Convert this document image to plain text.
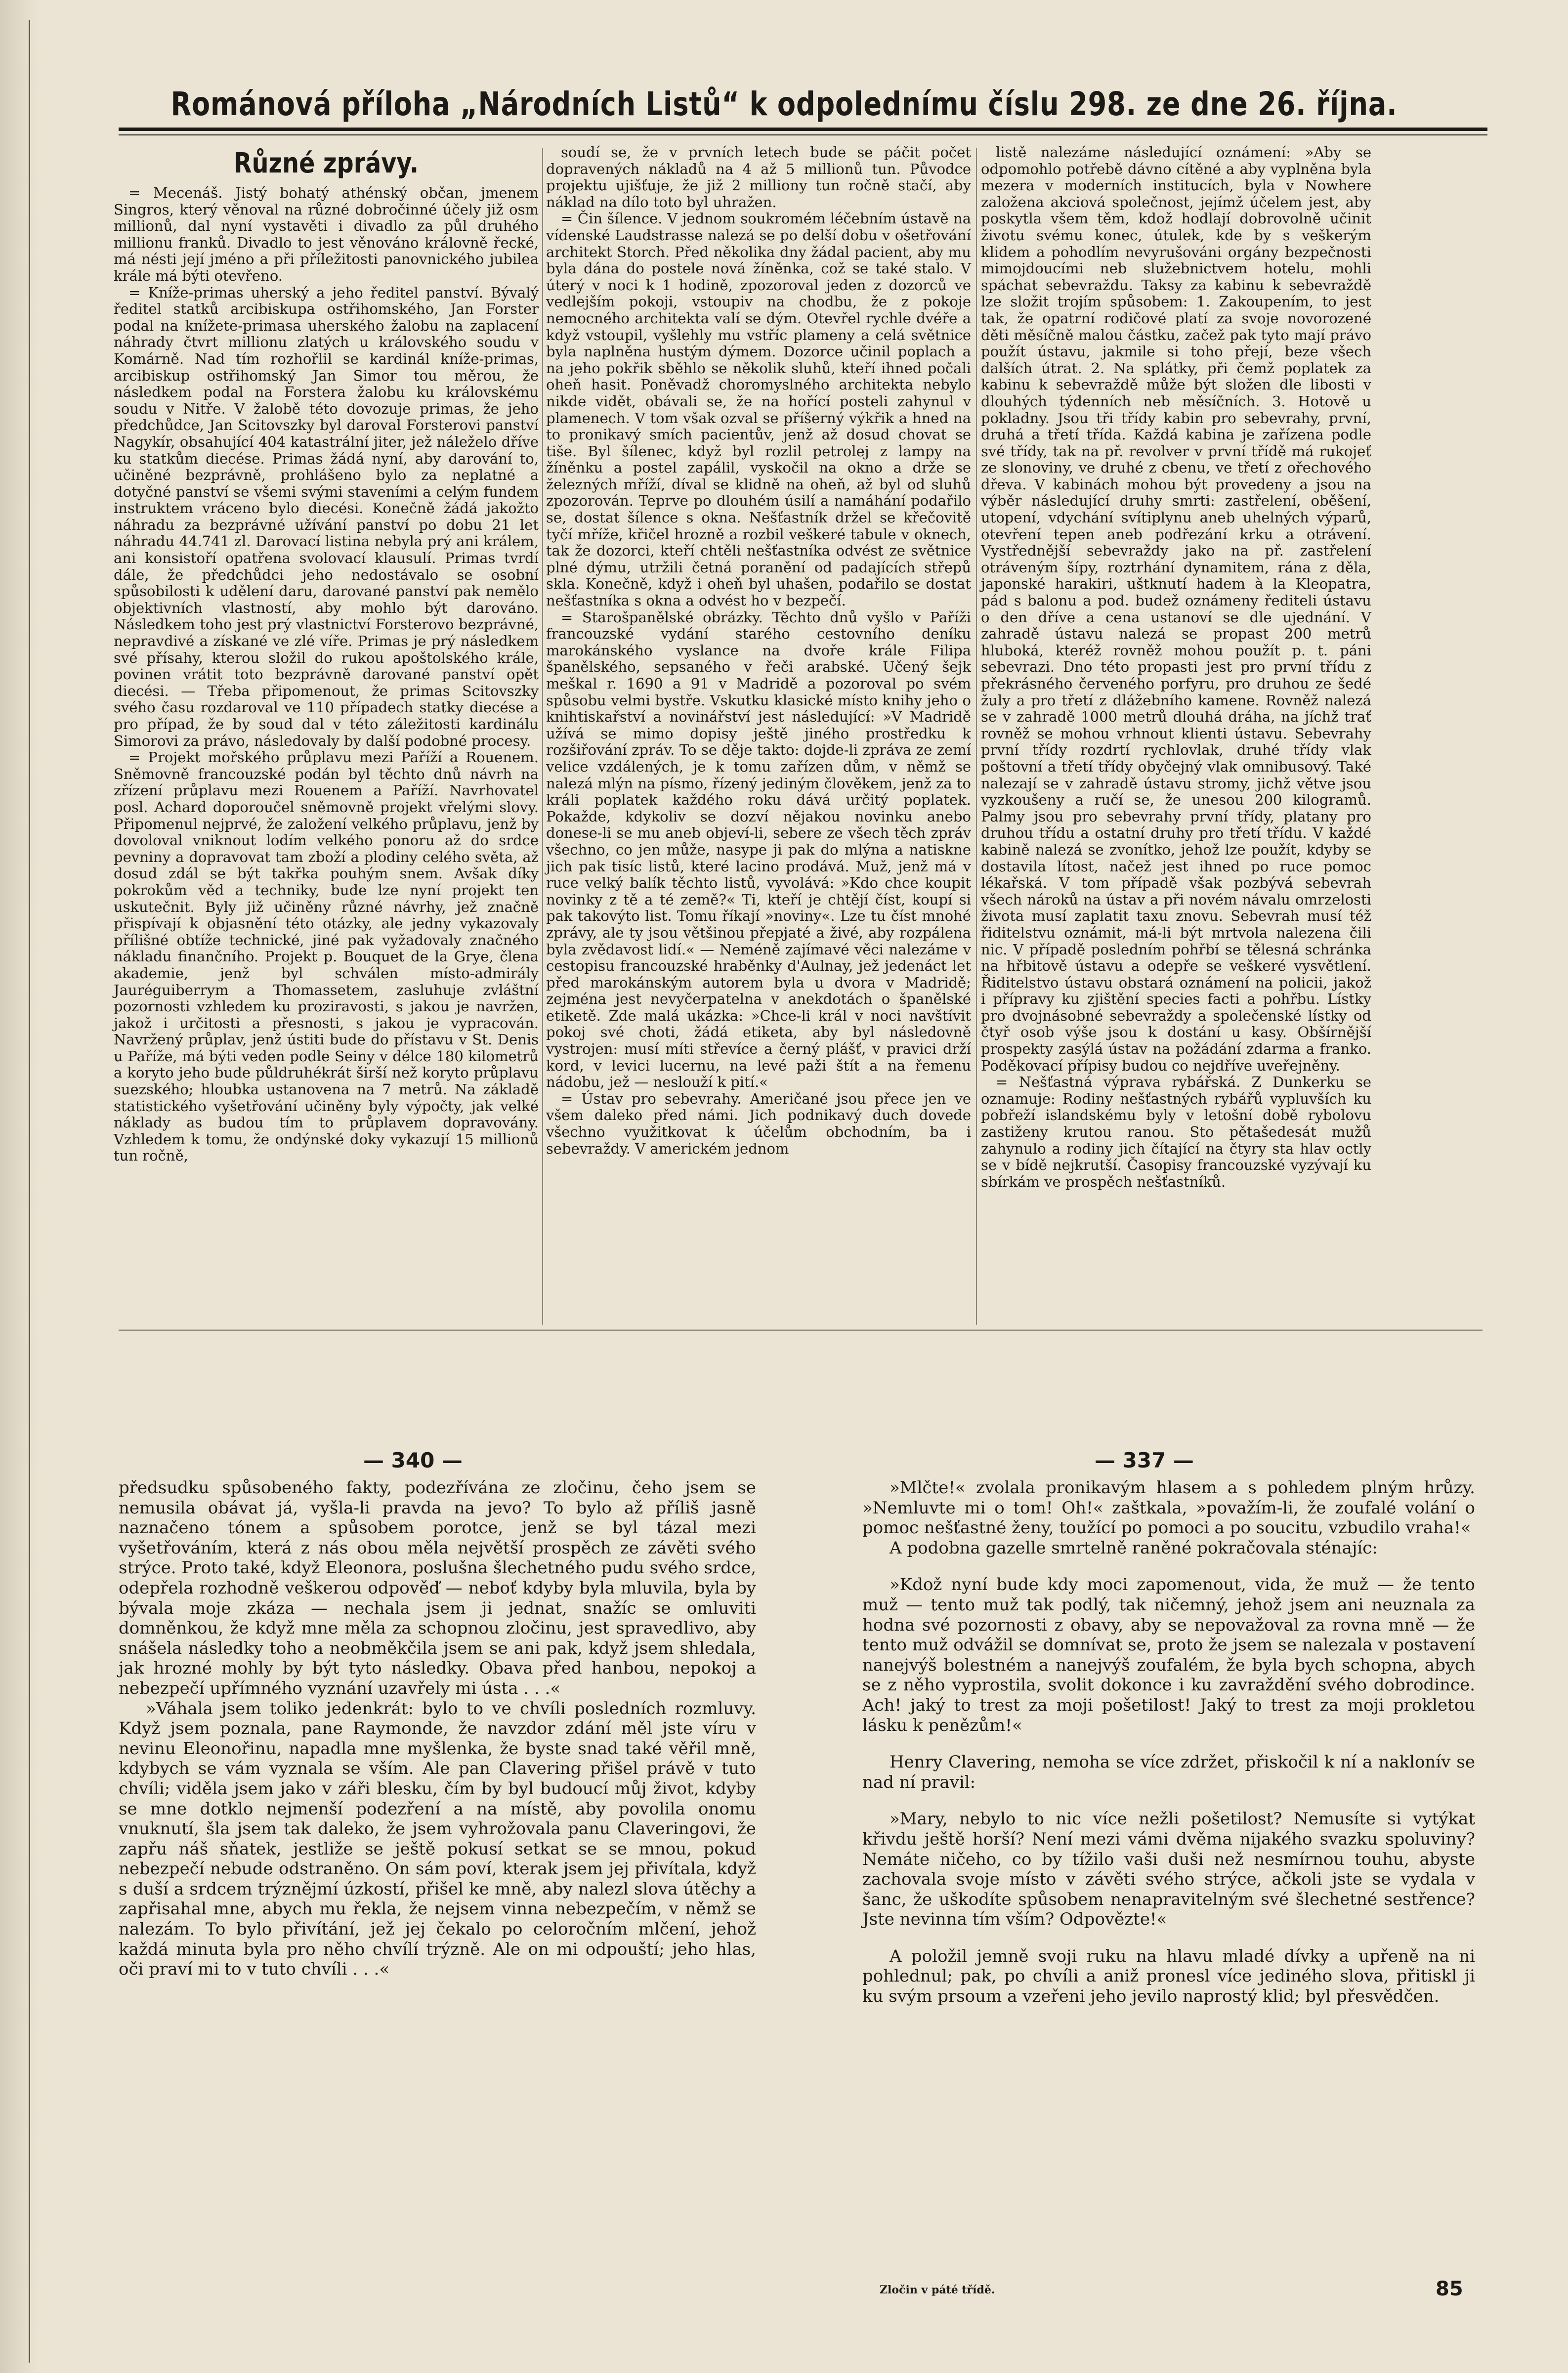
Románová příloha „Národních Listů“ k odpolednímu číslu 298. ze dne 26. října.
Různé zprávy.

= Mecenáš. Jistý bohatý athénský občan, jmenem Singros, který věnoval na různé dobročinné účely již osm millionů, dal nyní vystavěti i divadlo za půl druhého millionu franků. Divadlo to jest věnováno královně řecké, má nésti její jméno a při příležitosti panovnického jubilea krále má býti otevřeno.

= Kníže-primas uherský a jeho ředitel panství. Bývalý ředitel statků arcibiskupa ostřihomského, Jan Forster podal na knížete-primasa uherského žalobu na zaplacení náhrady čtvrt millionu zlatých u královského soudu v Komárně. Nad tím rozhořlil se kardinál kníže-primas, arcibiskup ostřihomský Jan Simor tou měrou, že následkem podal na Forstera žalobu ku královskému soudu v Nitře. V žalobě této dovozuje primas, že jeho předchůdce, Jan Scitovszky byl daroval Forsterovi panství Nagykír, obsahující 404 katastrální jiter, jež náleželo dříve ku statkům diecése. Primas žádá nyní, aby darování to, učiněné bezprávně, prohlášeno bylo za neplatné a dotyčné panství se všemi svými staveními a celým fundem instruktem vráceno bylo diecési. Konečně žádá jakožto náhradu za bezprávné užívání panství po dobu 21 let náhradu 44.741 zl. Darovací listina nebyla prý ani králem, ani konsistoří opatřena svolovací klausulí. Primas tvrdí dále, že předchůdci jeho nedostávalo se osobní spůsobilosti k udělení daru, darované panství pak nemělo objektivních vlastností, aby mohlo být darováno. Následkem toho jest prý vlastnictví Forsterovo bezprávné, nepravdivé a získané ve zlé víře. Primas je prý následkem své přísahy, kterou složil do rukou apoštolského krále, povinen vrátit toto bezprávně darované panství opět diecési. — Třeba připomenout, že primas Scitovszky svého času rozdaroval ve 110 případech statky diecése a pro případ, že by soud dal v této záležitosti kardinálu Simorovi za právo, následovaly by další podobné procesy.

= Projekt mořského průplavu mezi Paříží a Rouenem. Sněmovně francouzské podán byl těchto dnů návrh na zřízení průplavu mezi Rouenem a Paříží. Navrhovatel posl. Achard doporoučel sněmovně projekt vřelými slovy. Připomenul nejprvé, že založení velkého průplavu, jenž by dovoloval vniknout lodím velkého ponoru až do srdce pevniny a dopravovat tam zboží a plodiny celého světa, až dosud zdál se být takřka pouhým snem. Avšak díky pokrokům věd a techniky, bude lze nyní projekt ten uskutečnit. Byly již učiněny různé návrhy, jež značně přispívají k objasnění této otázky, ale jedny vykazovaly přílišné obtíže technické, jiné pak vyžadovaly značného nákladu finančního. Projekt p. Bouquet de la Grye, člena akademie, jenž byl schválen místo-admirály Jauréguiberrym a Thomassetem, zasluhuje zvláštní pozornosti vzhledem ku proziravosti, s jakou je navržen, jakož i určitosti a přesnosti, s jakou je vypracován. Navržený průplav, jenž ústiti bude do přístavu v St. Denis u Paříže, má býti veden podle Seiny v délce 180 kilometrů a koryto jeho bude půldruhékrát širší než koryto průplavu suezského; hloubka ustanovena na 7 metrů. Na základě statistického vyšetřování učiněny byly výpočty, jak velké náklady as budou tím to průplavem dopravovány. Vzhledem k tomu, že ondýnské doky vykazují 15 millionů tun ročně,

soudí se, že v prvních letech bude se páčit počet dopravených nákladů na 4 až 5 millionů tun. Původce projektu ujišťuje, že již 2 milliony tun ročně stačí, aby náklad na dílo toto byl uhražen.

= Čin šílence. V jednom soukromém léčebním ústavě na vídenské Laudstrasse nalezá se po delší dobu v ošetřování architekt Storch. Před několika dny žádal pacient, aby mu byla dána do postele nová žíněnka, což se také stalo. V úterý v noci k 1 hodině, zpozoroval jeden z dozorců ve vedlejším pokoji, vstoupiv na chodbu, že z pokoje nemocného architekta valí se dým. Otevřel rychle dvéře a když vstoupil, vyšlehly mu vstříc plameny a celá světnice byla naplněna hustým dýmem. Dozorce učinil poplach a na jeho pokřik sběhlo se několik sluhů, kteří ihned počali oheň hasit. Poněvadž choromyslného architekta nebylo nikde vidět, obávali se, že na hořící posteli zahynul v plamenech. V tom však ozval se příšerný výkřik a hned na to pronikavý smích pacientův, jenž až dosud chovat se tiše. Byl šílenec, když byl rozlil petrolej z lampy na žíněnku a postel zapálil, vyskočil na okno a drže se železných mříží, díval se klidně na oheň, až byl od sluhů zpozorován. Teprve po dlouhém úsilí a namáhání podařilo se, dostat šílence s okna. Nešťastník držel se křečovitě tyčí mříže, křičel hrozně a rozbil veškeré tabule v oknech, tak že dozorci, kteří chtěli nešťastníka odvést ze světnice plné dýmu, utržili četná poranění od padajících střepů skla. Konečně, když i oheň byl uhašen, podařilo se dostat nešťastníka s okna a odvést ho v bezpečí.

= Starošpanělské obrázky. Těchto dnů vyšlo v Paříži francouzské vydání starého cestovního deníku marokánského vyslance na dvoře krále Filipa španělského, sepsaného v řeči arabské. Učený šejk meškal r. 1690 a 91 v Madridě a pozoroval po svém spůsobu velmi bystře. Vskutku klasické místo knihy jeho o knihtiskařství a novinářství jest následující: »V Madridě užívá se mimo dopisy ještě jiného prostředku k rozšiřování zpráv. To se děje takto: dojde-li zpráva ze zemí velice vzdálených, je k tomu zařízen dům, v němž se nalezá mlýn na písmo, řízený jediným člověkem, jenž za to králi poplatek každého roku dává určitý poplatek. Pokažde, kdykoliv se dozví nějakou novinku anebo donese-li se mu aneb objeví-li, sebere ze všech těch zpráv všechno, co jen může, nasype ji pak do mlýna a natiskne jich pak tisíc listů, které lacino prodává. Muž, jenž má v ruce velký balík těchto listů, vyvolává: »Kdo chce koupit novinky z tě a té země?« Ti, kteří je chtějí číst, koupí si pak takovýto list. Tomu říkají »noviny«. Lze tu číst mnohé zprávy, ale ty jsou většinou přepjaté a živé, aby rozpálena byla zvědavost lidí.« — Neméně zajímavé věci nalezáme v cestopisu francouzské hraběnky d'Aulnay, jež jedenáct let před marokánským autorem byla u dvora v Madridě; zejména jest nevyčerpatelna v anekdotách o španělské etiketě. Zde malá ukázka: »Chce-li král v noci navštívit pokoj své choti, žádá etiketa, aby byl následovně vystrojen: musí míti střevíce a černý plášť, v pravici drží kord, v levici lucernu, na levé paži štít a na řemenu nádobu, jež — neslouží k pití.«

= Ústav pro sebevrahy. Američané jsou přece jen ve všem daleko před námi. Jich podnikavý duch dovede všechno využitkovat k účelům obchodním, ba i sebevraždy. V americkém jednom

listě nalezáme následující oznámení: »Aby se odpomohlo potřebě dávno cítěné a aby vyplněna byla mezera v moderních institucích, byla v Nowhere založena akciová společnost, jejímž účelem jest, aby poskytla všem těm, kdož hodlají dobrovolně učinit životu svému konec, útulek, kde by s veškerým klidem a pohodlím nevyrušováni orgány bezpečnosti mimojdoucími neb služebnictvem hotelu, mohli spáchat sebevraždu. Taksy za kabinu k sebevraždě lze složit trojím spůsobem: 1. Zakoupením, to jest tak, že opatrní rodičové platí za svoje novorozené děti měsíčně malou částku, začež pak tyto mají právo použít ústavu, jakmile si toho přejí, beze všech dalších útrat. 2. Na splátky, při čemž poplatek za kabinu k sebevraždě může být složen dle libosti v dlouhých týdenních neb měsíčních. 3. Hotově u pokladny. Jsou tři třídy kabin pro sebevrahy, první, druhá a třetí třída. Každá kabina je zařízena podle své třídy, tak na př. revolver v první třídě má rukojeť ze slonoviny, ve druhé z cbenu, ve třetí z ořechového dřeva. V kabinách mohou být provedeny a jsou na výběr následující druhy smrti: zastřelení, oběšení, utopení, vdychání svítiplynu aneb uhelných výparů, otevření tepen aneb podřezání krku a otrávení. Vystřednější sebevraždy jako na př. zastřelení otráveným šípy, roztrhání dynamitem, rána z děla, japonské harakiri, uštknutí hadem à la Kleopatra, pád s balonu a pod. budež oznámeny řediteli ústavu o den dříve a cena ustanoví se dle ujednání. V zahradě ústavu nalezá se propast 200 metrů hluboká, kteréž rovněž mohou použít p. t. páni sebevrazi. Dno této propasti jest pro první třídu z překrásného červeného porfyru, pro druhou ze šedé žuly a pro třetí z dlážebního kamene. Rovněž nalezá se v zahradě 1000 metrů dlouhá dráha, na jíchž trať rovněž se mohou vrhnout klienti ústavu. Sebevrahy první třídy rozdrtí rychlovlak, druhé třídy vlak poštovní a třetí třídy obyčejný vlak omnibusový. Také nalezají se v zahradě ústavu stromy, jichž větve jsou vyzkoušeny a ručí se, že unesou 200 kilogramů. Palmy jsou pro sebevrahy první třídy, platany pro druhou třídu a ostatní druhy pro třetí třídu. V každé kabině nalezá se zvonítko, jehož lze použít, kdyby se dostavila lítost, načež jest ihned po ruce pomoc lékařská. V tom případě však pozbývá sebevrah všech nároků na ústav a při novém návalu omrzelosti života musí zaplatit taxu znovu. Sebevrah musí též řiditelstvu oznámit, má-li být mrtvola nalezena čili nic. V případě posledním pohřbí se tělesná schránka na hřbitově ústavu a odepře se veškeré vysvětlení. Řiditelstvo ústavu obstará oznámení na policii, jakož i přípravy ku zjištění species facti a pohřbu. Lístky pro dvojnásobné sebevraždy a společenské lístky od čtyř osob výše jsou k dostání u kasy. Obšírnější prospekty zasýlá ústav na požádání zdarma a franko. Poděkovací přípisy budou co nejdříve uveřejněny.

= Nešťastná výprava rybářská. Z Dunkerku se oznamuje: Rodiny nešťastných rybářů vypluvších ku pobřeží islandskému byly v letošní době rybolovu zastiženy krutou ranou. Sto pětašedesát mužů zahynulo a rodiny jich čítající na čtyry sta hlav octly se v bídě nejkrutší. Časopisy francouzské vyzývají ku sbírkám ve prospěch nešťastníků.

— 340 —	— 337 —

předsudku spůsobeného fakty, podezřívána ze zločinu, čeho jsem se nemusila obávat já, vyšla-li pravda na jevo? To bylo až příliš jasně naznačeno tónem a spůsobem porotce, jenž se byl tázal mezi vyšetřováním, která z nás obou měla největší prospěch ze závěti svého strýce. Proto také, když Eleonora, poslušna šlechetného pudu svého srdce, odepřela rozhodně veškerou odpověď — neboť kdyby byla mluvila, byla by bývala moje zkáza — nechala jsem ji jednat, snažíc se omluviti domněnkou, že když mne měla za schopnou zločinu, jest spravedlivo, aby snášela následky toho a neobměkčila jsem se ani pak, když jsem shledala, jak hrozné mohly by být tyto následky. Obava před hanbou, nepokoj a nebezpečí upřímného vyznání uzavřely mi ústa . . .«

»Váhala jsem toliko jedenkrát: bylo to ve chvíli posledních rozmluvy. Když jsem poznala, pane Raymonde, že navzdor zdání měl jste víru v nevinu Eleonořinu, napadla mne myšlenka, že byste snad také věřil mně, kdybych se vám vyznala se vším. Ale pan Clavering přišel právě v tuto chvíli; viděla jsem jako v záři blesku, čím by byl budoucí můj život, kdyby se mne dotklo nejmenší podezření a na místě, aby povolila onomu vnuknutí, šla jsem tak daleko, že jsem vyhrožovala panu Claveringovi, že zapřu náš sňatek, jestliže se ještě pokusí setkat se se mnou, pokud nebezpečí nebude odstraněno. On sám poví, kterak jsem jej přivítala, když s duší a srdcem trýznějmí úzkostí, přišel ke mně, aby nalezl slova útěchy a zapřisahal mne, abych mu řekla, že nejsem vinna nebezpečím, v němž se nalezám. To bylo přivítání, jež jej čekalo po celoročním mlčení, jehož každá minuta byla pro něho chvílí trýzně. Ale on mi odpouští; jeho hlas, oči praví mi to v tuto chvíli . . .«

»Mlčte!« zvolala pronikavým hlasem a s pohledem plným hrůzy. »Nemluvte mi o tom! Oh!« zaštkala, »považím-li, že zoufalé volání o pomoc nešťastné ženy, toužící po pomoci a po soucitu, vzbudilo vraha!«

A podobna gazelle smrtelně raněné pokračovala sténajíc:

»Kdož nyní bude kdy moci zapomenout, vida, že muž — že tento muž — tento muž tak podlý, tak ničemný, jehož jsem ani neuznala za hodna své pozornosti z obavy, aby se nepovažoval za rovna mně — že tento muž odvážil se domnívat se, proto že jsem se nalezala v postavení nanejvýš bolestném a nanejvýš zoufalém, že byla bych schopna, abych se z něho vyprostila, svolit dokonce i ku zavraždění svého dobrodince. Ach! jaký to trest za moji pošetilost! Jaký to trest za moji prokletou lásku k penězům!«

Henry Clavering, nemoha se více zdržet, přiskočil k ní a naklonív se nad ní pravil:

»Mary, nebylo to nic více nežli pošetilost? Nemusíte si vytýkat křivdu ještě horší? Není mezi vámi dvěma nijakého svazku spoluviny? Nemáte ničeho, co by tížilo vaši duši než nesmírnou touhu, abyste zachovala svoje místo v závěti svého strýce, ačkoli jste se vydala v šanc, že uškodíte spůsobem nenapravitelným své šlechetné sestřence? Jste nevinna tím vším? Odpovězte!«

A položil jemně svoji ruku na hlavu mladé dívky a upřeně na ni pohlednul; pak, po chvíli a aniž pronesl více jediného slova, přitiskl ji ku svým prsoum a vzeřeni jeho jevilo naprostý klid; byl přesvědčen.

Zločin v páté třídě.	85
